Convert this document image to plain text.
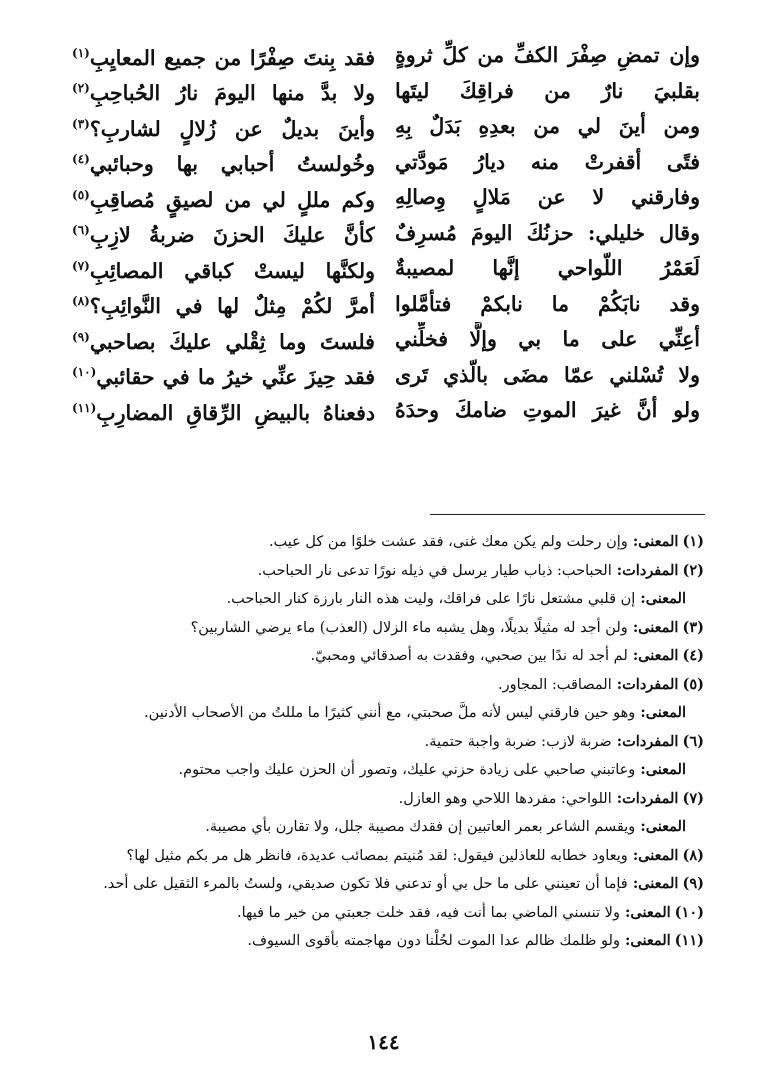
وإن تمضِ صِفْرَ الكفِّ من كلِّ ثروةٍ
فقد بِنتَ صِفْرًا من جميع المعايِبِ$^{(١)}$
بقلبيَ نارٌ من فراقِكَ ليتَها
ولا بدَّ منها اليومَ نارُ الحُباحِبِ$^{(٢)}$
ومن أينَ لي من بعدِهِ بَدَلٌ بِهِ
وأينَ بديلٌ عن زُلالٍ لشاربِ؟$^{(٣)}$
فتًى أقفرتْ منه ديارُ مَودَّتي
وخُولستُ أحبابي بها وحبائبي$^{(٤)}$
وفارقني لا عن مَلالٍ وِصالِهِ
وكم مللٍ لي من لصيقٍ مُصاقِبِ$^{(٥)}$
وقال خليلي: حزنُكَ اليومَ مُسرِفٌ
كأنَّ عليكَ الحزنَ ضربةُ لازِبِ$^{(٦)}$
لَعَمْرُ اللّواحي إنَّها لمصيبةٌ
ولكنَّها ليستْ كباقي المصائِبِ$^{(٧)}$
وقد نابَكُمْ ما نابكمْ فتأمَّلوا
أمرَّ لكُمْ مِثلٌ لها في النَّوائِبِ؟$^{(٨)}$
أعِنِّي على ما بي وإلَّا فخلِّني
فلستَ وما ثِقْلي عليكَ بصاحبي$^{(٩)}$
ولا تُسْلني عمّا مضَى بالّذي تَرى
فقد حِيزَ عنِّي خيرُ ما في حقائبي$^{(١٠)}$
ولو أنَّ غيرَ الموتِ ضامكَ وحدَهُ
دفعناهُ بالبيضِ الرِّقاقِ المضارِبِ$^{(١١)}$

(١)المعنى: وإن رحلت ولم يكن معك غنى، فقد عشت خلوًا من كل عيب.

(٢)المفردات: الحباحب: ذباب طيار يرسل في ذيله نورًا تدعى نار الحباحب.

المعنى: إن قلبي مشتعل نارًا على فراقك، وليت هذه النار بارزة كنار الحباحب.

(٣)المعنى: ولن أجد له مثيلًا بديلًا، وهل يشبه ماء الزلال (العذب) ماء يرضي الشاربين؟

(٤)المعنى: لم أجد له ندًا بين صحبي، وفقدت به أصدقائي ومحبيّ.

(٥)المفردات: المصاقب: المجاور.

المعنى: وهو حين فارقني ليس لأنه ملَّ صحبتي، مع أنني كثيرًا ما مللتُ من الأصحاب الأدنين.

(٦)المفردات: ضربة لازب: ضربة واجبة حتمية.

المعنى: وعاتبني صاحبي على زيادة حزني عليك، وتصور أن الحزن عليك واجب محتوم.

(٧)المفردات: اللواحي: مفردها اللاحي وهو العازل.

المعنى: ويقسم الشاعر بعمر العاتبين إن فقدك مصيبة جلل، ولا تقارن بأي مصيبة.

(٨)المعنى: ويعاود خطابه للعاذلين فيقول: لقد مُنيتم بمصائب عديدة، فانظر هل مر بكم مثيل لها؟

(٩)المعنى: فإما أن تعينني على ما حل بي أو تدعني فلا تكون صديقي، ولستُ بالمرء الثقيل على أحد.

(١٠)المعنى: ولا تنسني الماضي بما أنت فيه، فقد خلت جعبتي من خير ما فيها.

(١١)المعنى: ولو ظلمك ظالم عدا الموت لحُلْنا دون مهاجمته بأقوى السيوف.

١٤٤
